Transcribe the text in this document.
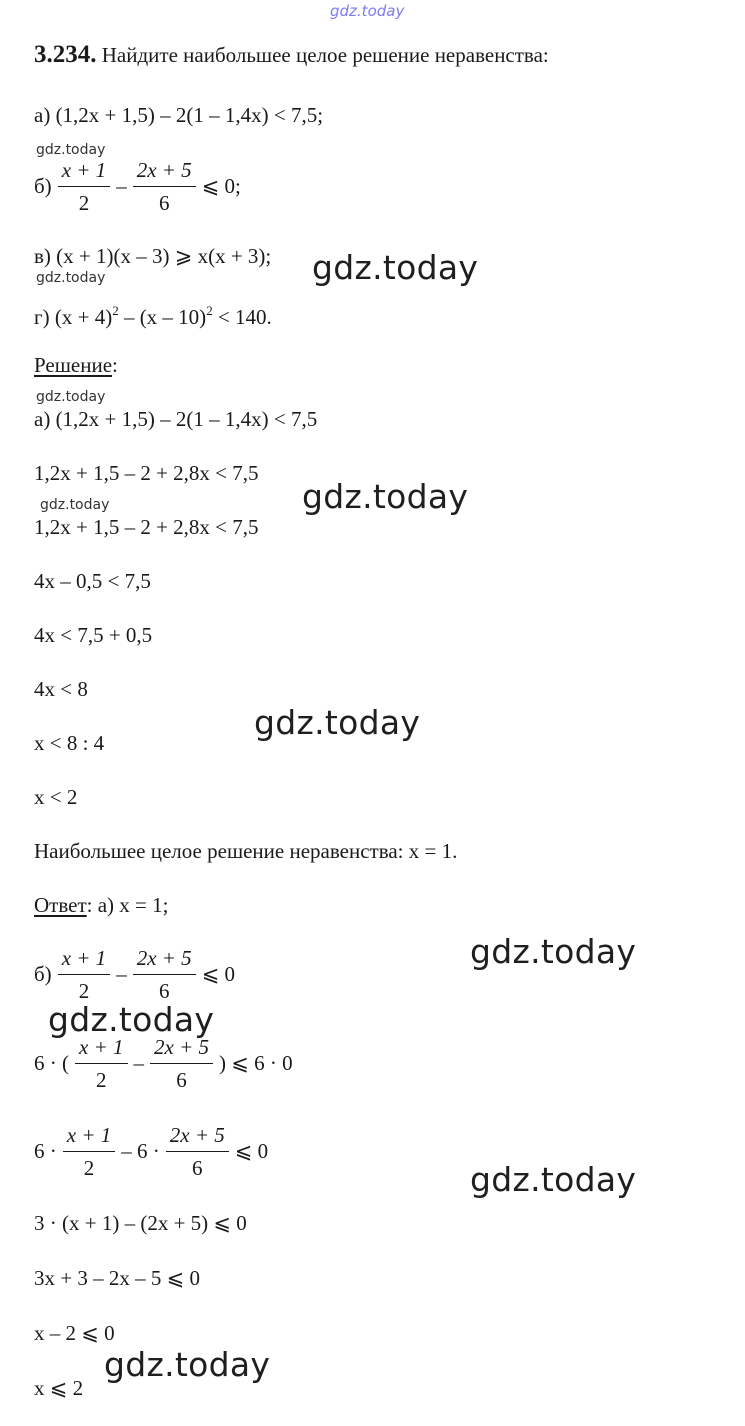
gdz.today
3.234. Найдите наибольшее целое решение неравенства:
а) (1,2x + 1,5) – 2(1 – 1,4x) < 7,5;
gdz.today
$б) \frac{x + 1}{2} - \frac{2x + 5}{6}$ ⩽ 0;
в) (x + 1)(x – 3) ⩾ x(x + 3);
gdz.today	gdz.today
г) $(x + 4)^2 - (x - 10)^2 < 140$.
Решение:
gdz.today
а) (1,2x + 1,5) – 2(1 – 1,4x) < 7,5
1,2x + 1,5 – 2 + 2,8x < 7,5
gdz.today
gdz.today
1,2x + 1,5 – 2 + 2,8x < 7,5
4x – 0,5 < 7,5
4x < 7,5 + 0,5
4x < 8
gdz.today
x < 8 : 4
x < 2
Наибольшее целое решение неравенства: x = 1.
Ответ: а) x = 1;
gdz.today
$б) \frac{x + 1}{2} - \frac{2x + 5}{6}$ ⩽ 0
gdz.today
6 · ( $\frac{x + 1}{2} - \frac{2x + 5}{6}$ ) ⩽ 6 · 0
$6 \cdot \frac{x + 1}{2} - 6 \cdot \frac{2x + 5}{6}$ ⩽ 0
gdz.today
3 · (x + 1) – (2x + 5) ⩽ 0
3x + 3 – 2x – 5 ⩽ 0
x – 2 ⩽ 0
gdz.today
x ⩽ 2
